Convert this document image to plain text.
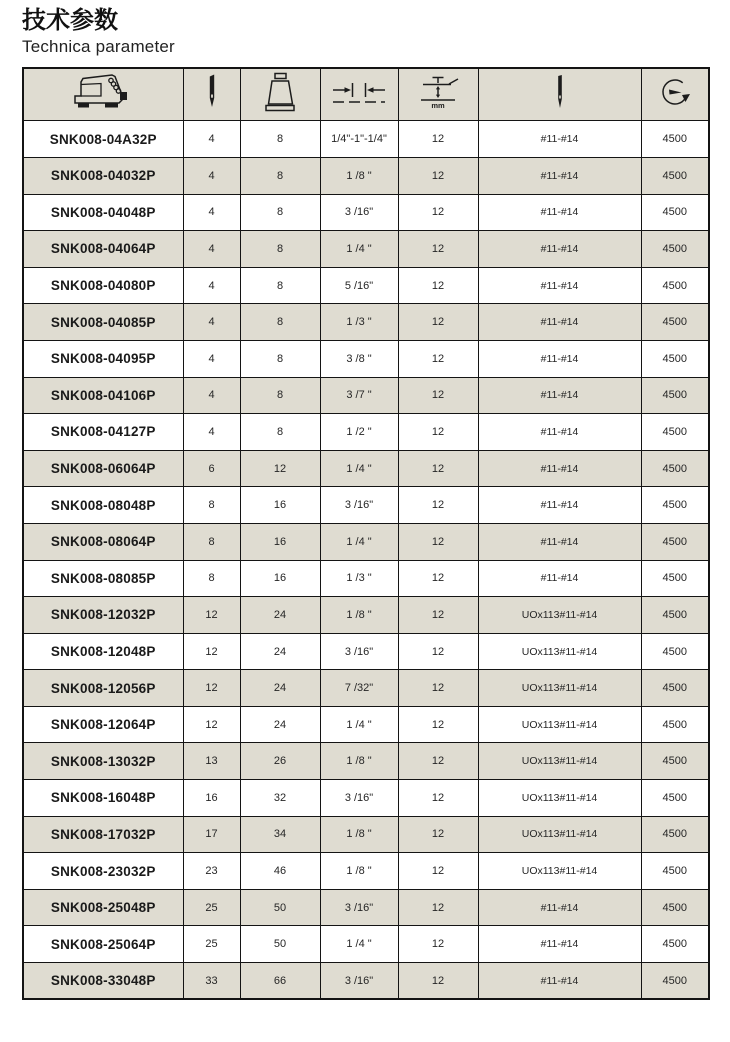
技术参数
Technica parameter

mm

SNK008-04A32P	4	8	1/4"-1"-1/4"	12	#11-#14	4500
SNK008-04032P	4	8	1 /8 "	12	#11-#14	4500
SNK008-04048P	4	8	3 /16"	12	#11-#14	4500
SNK008-04064P	4	8	1 /4 "	12	#11-#14	4500
SNK008-04080P	4	8	5 /16"	12	#11-#14	4500
SNK008-04085P	4	8	1 /3 "	12	#11-#14	4500
SNK008-04095P	4	8	3 /8 "	12	#11-#14	4500
SNK008-04106P	4	8	3 /7 "	12	#11-#14	4500
SNK008-04127P	4	8	1 /2 "	12	#11-#14	4500
SNK008-06064P	6	12	1 /4 "	12	#11-#14	4500
SNK008-08048P	8	16	3 /16"	12	#11-#14	4500
SNK008-08064P	8	16	1 /4 "	12	#11-#14	4500
SNK008-08085P	8	16	1 /3 "	12	#11-#14	4500
SNK008-12032P	12	24	1 /8 "	12	UOx113#11-#14	4500
SNK008-12048P	12	24	3 /16"	12	UOx113#11-#14	4500
SNK008-12056P	12	24	7 /32"	12	UOx113#11-#14	4500
SNK008-12064P	12	24	1 /4 "	12	UOx113#11-#14	4500
SNK008-13032P	13	26	1 /8 "	12	UOx113#11-#14	4500
SNK008-16048P	16	32	3 /16"	12	UOx113#11-#14	4500
SNK008-17032P	17	34	1 /8 "	12	UOx113#11-#14	4500
SNK008-23032P	23	46	1 /8 "	12	UOx113#11-#14	4500
SNK008-25048P	25	50	3 /16"	12	#11-#14	4500
SNK008-25064P	25	50	1 /4 "	12	#11-#14	4500
SNK008-33048P	33	66	3 /16"	12	#11-#14	4500
